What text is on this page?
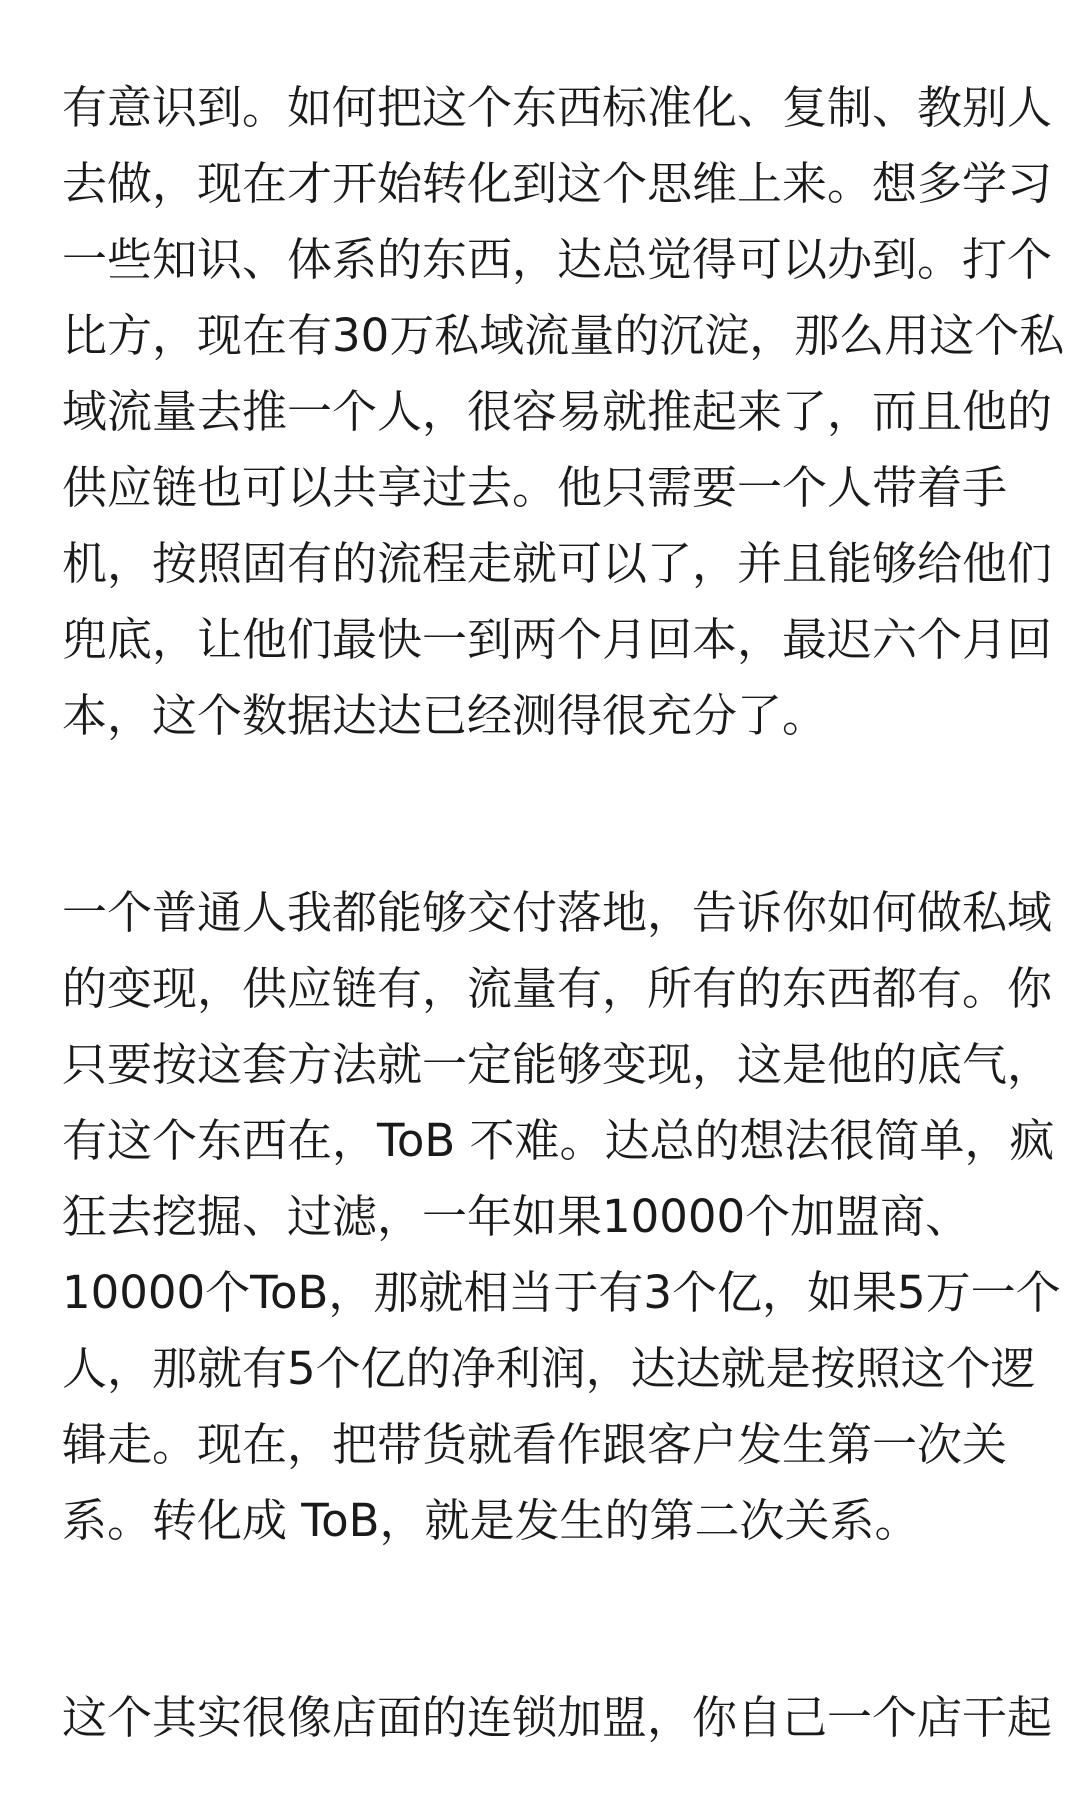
有意识到。如何把这个东西标准化、复制、教别人
去做，现在才开始转化到这个思维上来。想多学习
一些知识、体系的东西，达总觉得可以办到。打个
比方，现在有30万私域流量的沉淀，那么用这个私
域流量去推一个人，很容易就推起来了，而且他的
供应链也可以共享过去。他只需要一个人带着手
机，按照固有的流程走就可以了，并且能够给他们
兜底，让他们最快一到两个月回本，最迟六个月回
本，这个数据达达已经测得很充分了。
一个普通人我都能够交付落地，告诉你如何做私域
的变现，供应链有，流量有，所有的东西都有。你
只要按这套方法就一定能够变现，这是他的底气，
有这个东西在，ToB 不难。达总的想法很简单，疯
狂去挖掘、过滤，一年如果10000个加盟商、
10000个ToB，那就相当于有3个亿，如果5万一个
人，那就有5个亿的净利润，达达就是按照这个逻
辑走。现在，把带货就看作跟客户发生第一次关
系。转化成 ToB，就是发生的第二次关系。
这个其实很像店面的连锁加盟，你自己一个店干起
